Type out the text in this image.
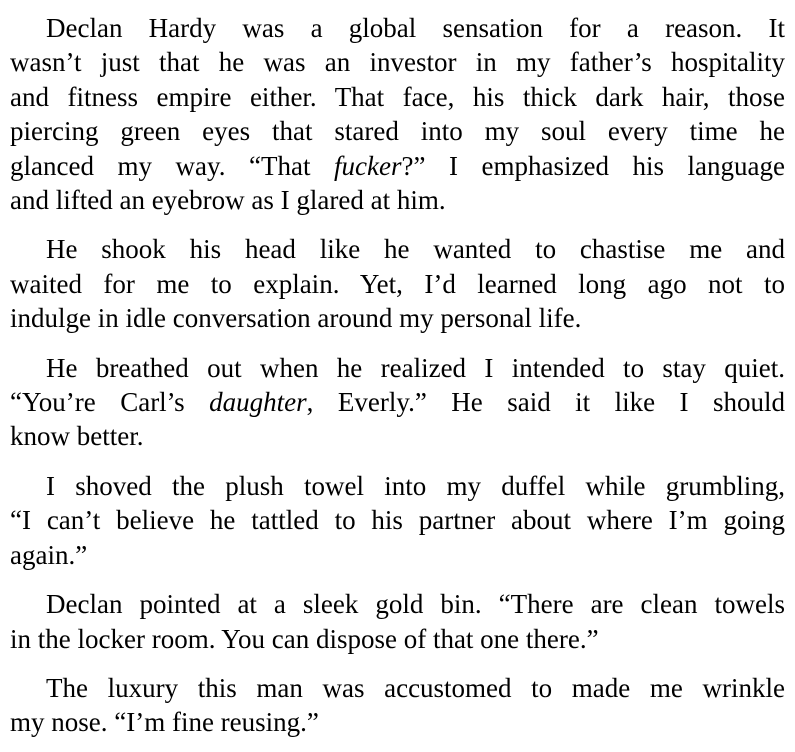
Declan Hardy was a global sensation for a reason. It
wasn’t just that he was an investor in my father’s hospitality
and fitness empire either. That face, his thick dark hair, those
piercing green eyes that stared into my soul every time he
glanced my way. “That fucker?” I emphasized his language
and lifted an eyebrow as I glared at him.
He shook his head like he wanted to chastise me and
waited for me to explain. Yet, I’d learned long ago not to
indulge in idle conversation around my personal life.
He breathed out when he realized I intended to stay quiet.
“You’re Carl’s daughter, Everly.” He said it like I should
know better.
I shoved the plush towel into my duffel while grumbling,
“I can’t believe he tattled to his partner about where I’m going
again.”
Declan pointed at a sleek gold bin. “There are clean towels
in the locker room. You can dispose of that one there.”
The luxury this man was accustomed to made me wrinkle
my nose. “I’m fine reusing.”
